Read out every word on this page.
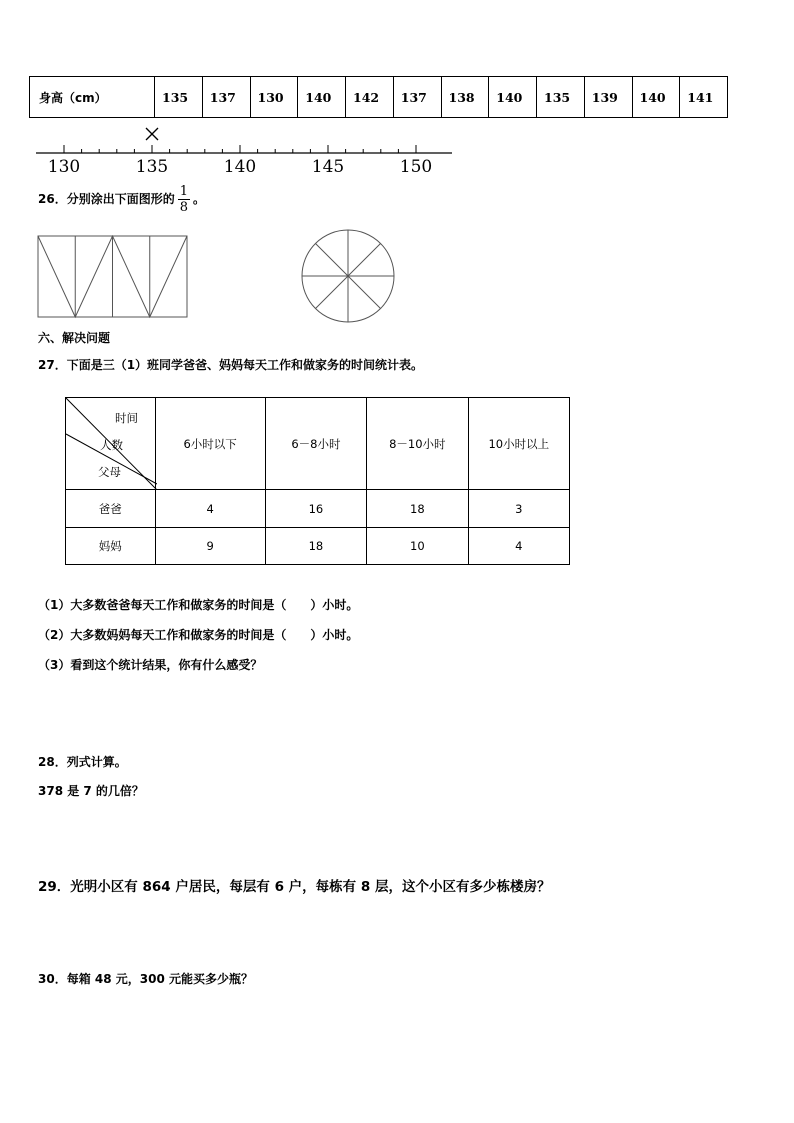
身高（cm）	135	137	130	140	142	137	138	140	135	139	140	141
130	135	140	145	150
26．分别涂出下面图形的 $\frac{1}{8}$ 。
六、解决问题
27．下面是三（1）班同学爸爸、妈妈每天工作和做家务的时间统计表。
时间
人数
父母	6小时以下	6－8小时	8－10小时	10小时以上
爸爸	4	16	18	3
妈妈	9	18	10	4
（1）大多数爸爸每天工作和做家务的时间是（　　）小时。
（2）大多数妈妈每天工作和做家务的时间是（　　）小时。
（3）看到这个统计结果，你有什么感受？
28．列式计算。
378 是 7 的几倍？
29．光明小区有 864 户居民，每层有 6 户，每栋有 8 层，这个小区有多少栋楼房？
30．每箱 48 元，300 元能买多少瓶？
